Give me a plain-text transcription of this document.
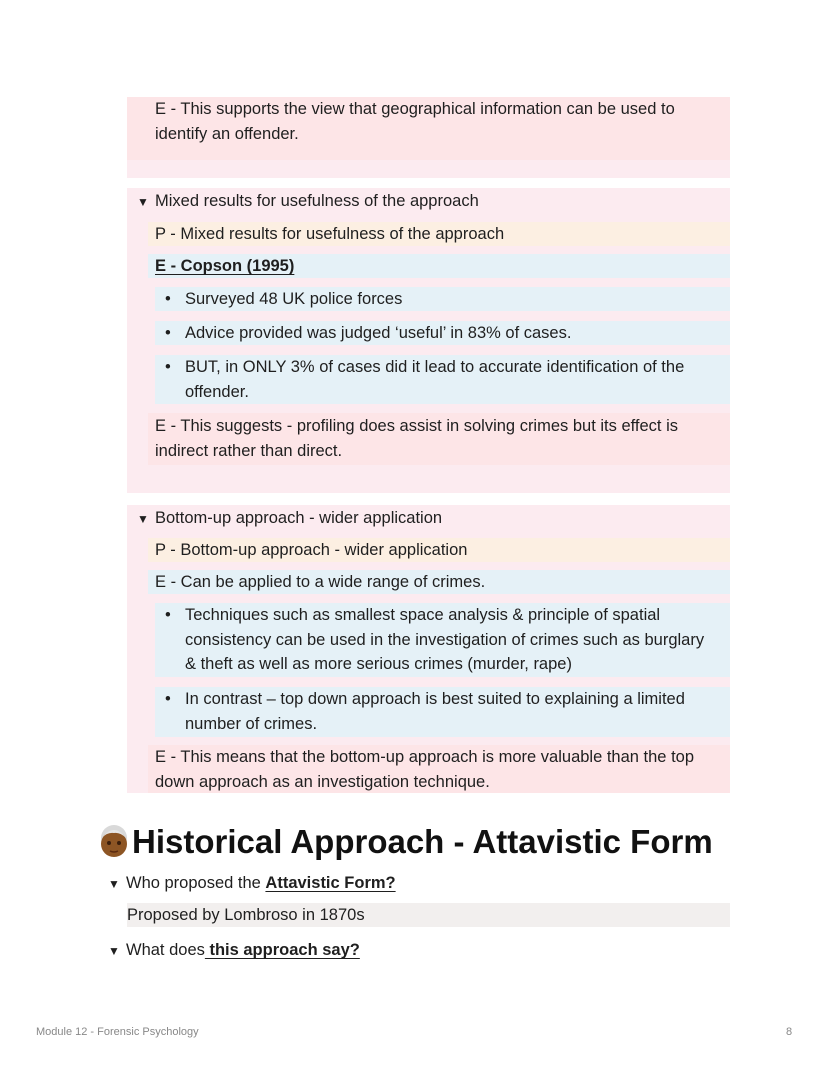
E - This supports the view that geographical information can be used to identify an offender.
▼ Mixed results for usefulness of the approach
P - Mixed results for usefulness of the approach
E - Copson (1995)
• Surveyed 48 UK police forces
• Advice provided was judged ‘useful’ in 83% of cases.
• BUT, in ONLY 3% of cases did it lead to accurate identification of the offender.
E - This suggests - profiling does assist in solving crimes but its effect is indirect rather than direct.
▼ Bottom-up approach - wider application
P - Bottom-up approach - wider application
E - Can be applied to a wide range of crimes.
• Techniques such as smallest space analysis & principle of spatial consistency can be used in the investigation of crimes such as burglary & theft as well as more serious crimes (murder, rape)
• In contrast – top down approach is best suited to explaining a limited number of crimes.
E - This means that the bottom-up approach is more valuable than the top down approach as an investigation technique.
Historical Approach - Attavistic Form
▼ Who proposed the Attavistic Form?
Proposed by Lombroso in 1870s
▼ What does this approach say?
Module 12 - Forensic Psychology	8
